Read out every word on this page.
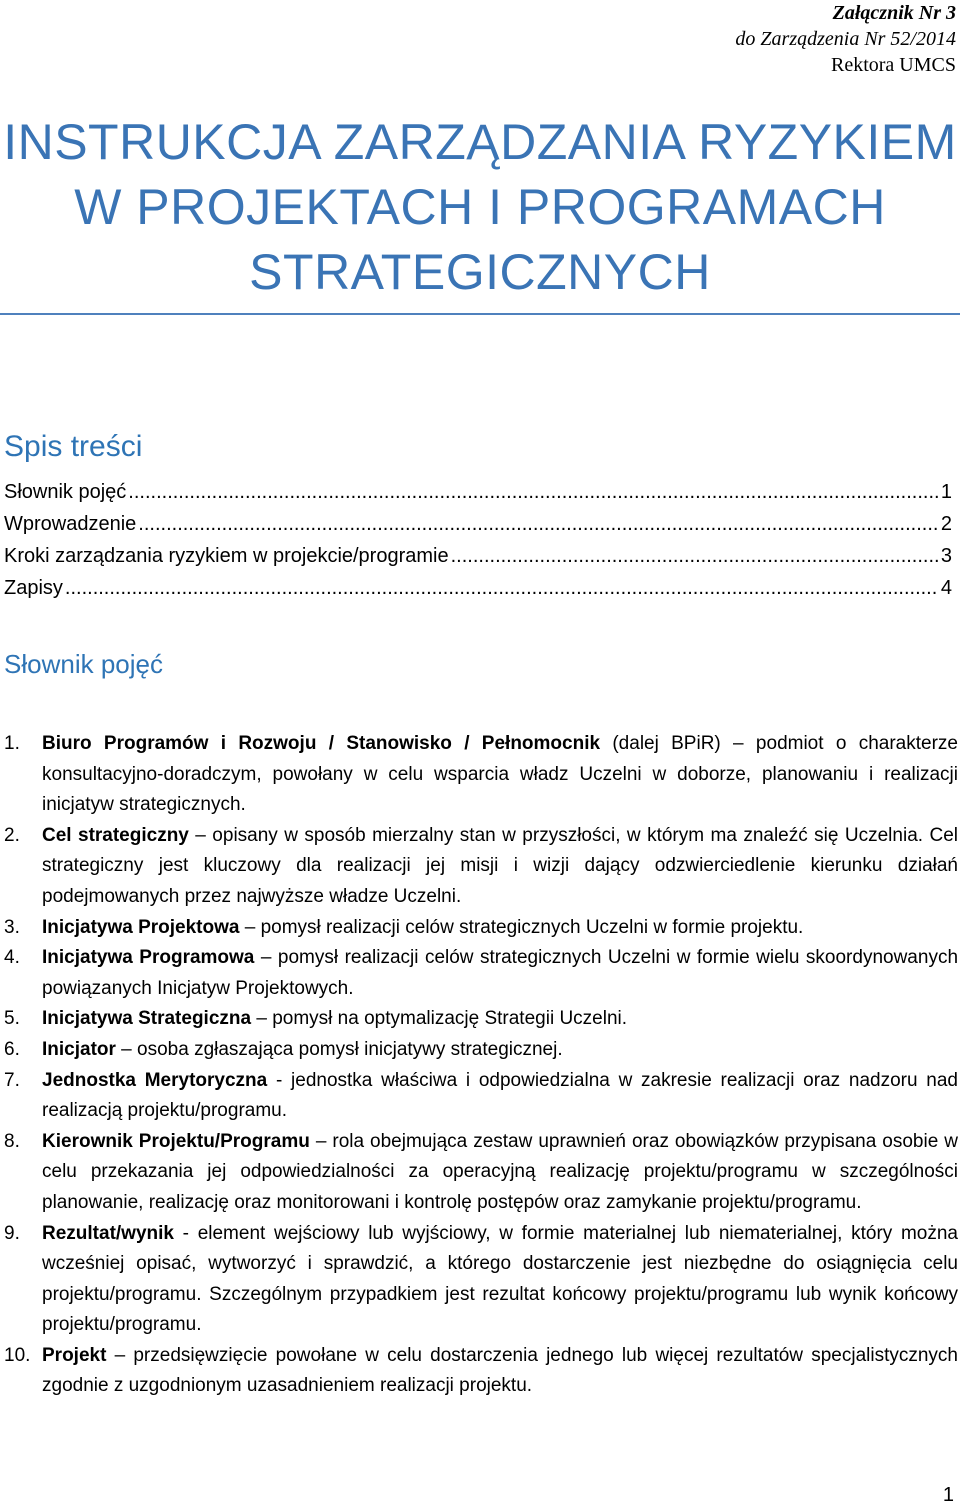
Załącznik Nr 3
do Zarządzenia Nr 52/2014
Rektora UMCS
INSTRUKCJA ZARZĄDZANIA RYZYKIEM
W PROJEKTACH I PROGRAMACH
STRATEGICZNYCH
Spis treści
Słownik pojęć .....	1
Wprowadzenie .....	2
Kroki zarządzania ryzykiem w projekcie/programie .....	3
Zapisy .....	4
Słownik pojęć
1.	Biuro Programów i Rozwoju / Stanowisko / Pełnomocnik (dalej BPiR) – podmiot o charakterze konsultacyjno-doradczym, powołany w celu wsparcia władz Uczelni w doborze, planowaniu i realizacji inicjatyw strategicznych.
2.	Cel strategiczny – opisany w sposób mierzalny stan w przyszłości, w którym ma znaleźć się Uczelnia. Cel strategiczny jest kluczowy dla realizacji jej misji i wizji dający odzwierciedlenie kierunku działań podejmowanych przez najwyższe władze Uczelni.
3.	Inicjatywa Projektowa – pomysł realizacji celów strategicznych Uczelni w formie projektu.
4.	Inicjatywa Programowa – pomysł realizacji celów strategicznych Uczelni w formie wielu skoordynowanych powiązanych Inicjatyw Projektowych.
5.	Inicjatywa Strategiczna – pomysł na optymalizację Strategii Uczelni.
6.	Inicjator – osoba zgłaszająca pomysł inicjatywy strategicznej.
7.	Jednostka Merytoryczna - jednostka właściwa i odpowiedzialna w zakresie realizacji oraz nadzoru nad realizacją projektu/programu.
8.	Kierownik Projektu/Programu – rola obejmująca zestaw uprawnień oraz obowiązków przypisana osobie w celu przekazania jej odpowiedzialności za operacyjną realizację projektu/programu w szczególności planowanie, realizację oraz monitorowani i kontrolę postępów oraz zamykanie projektu/programu.
9.	Rezultat/wynik - element wejściowy lub wyjściowy, w formie materialnej lub niematerialnej, który można wcześniej opisać, wytworzyć i sprawdzić, a którego dostarczenie jest niezbędne do osiągnięcia celu projektu/programu. Szczególnym przypadkiem jest rezultat końcowy projektu/programu lub wynik końcowy projektu/programu.
10. Projekt – przedsięwzięcie powołane w celu dostarczenia jednego lub więcej rezultatów specjalistycznych zgodnie z uzgodnionym uzasadnieniem realizacji projektu.
1
